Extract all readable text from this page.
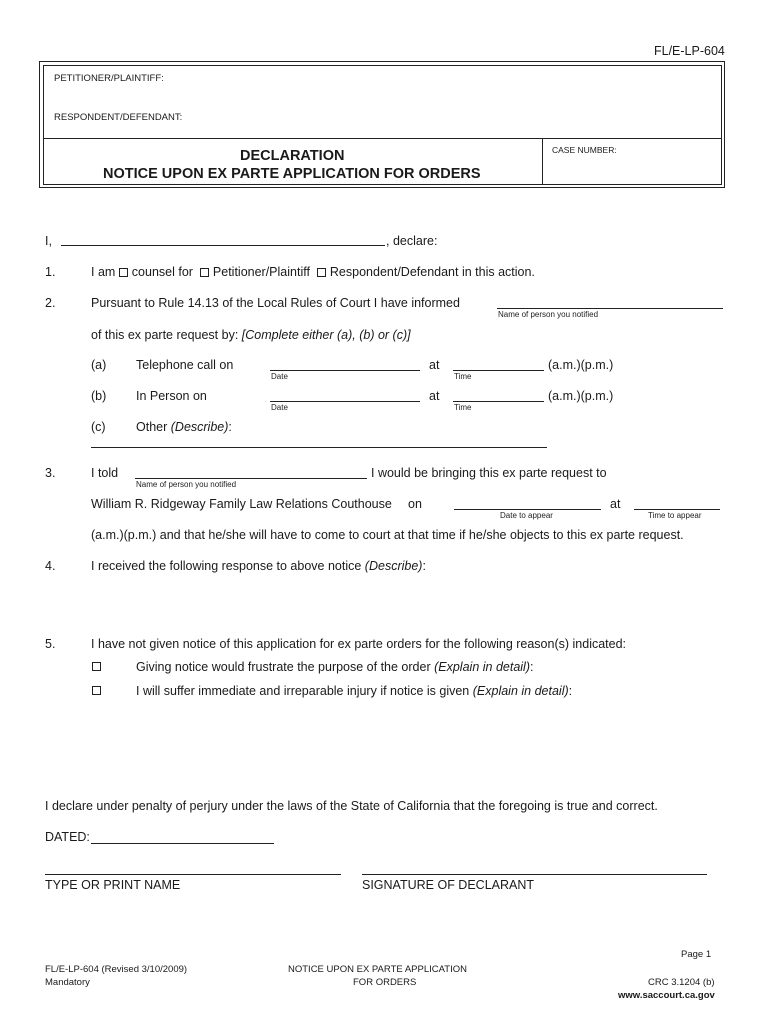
FL/E-LP-604
PETITIONER/PLAINTIFF:
RESPONDENT/DEFENDANT:
CASE NUMBER:
DECLARATION
NOTICE UPON EX PARTE APPLICATION FOR ORDERS
I,	, declare:
1.	I am counsel for Petitioner/Plaintiff Respondent/Defendant in this action.
2.	Pursuant to Rule 14.13 of the Local Rules of Court I have informed
Name of person you notified
of this ex parte request by: [Complete either (a), (b) or (c)]
(a) Telephone call on
Date
at
Time
(a.m.)(p.m.)
(b) In Person on
Date
at
Time
(a.m.)(p.m.)
(c) Other (Describe):
3.	I told
Name of person you notified
I would be bringing this ex parte request to
William R. Ridgeway Family Law Relations Couthouse on
Date to appear
at
Time to appear
(a.m.)(p.m.) and that he/she will have to come to court at that time if he/she objects to this ex parte request.
4.	I received the following response to above notice (Describe):
5.	I have not given notice of this application for ex parte orders for the following reason(s) indicated:
Giving notice would frustrate the purpose of the order (Explain in detail):
I will suffer immediate and irreparable injury if notice is given (Explain in detail):
I declare under penalty of perjury under the laws of the State of California that the foregoing is true and correct.
DATED:
TYPE OR PRINT NAME	SIGNATURE OF DECLARANT
Page 1
FL/E-LP-604 (Revised 3/10/2009)
Mandatory
NOTICE UPON EX PARTE APPLICATION
FOR ORDERS	CRC 3.1204 (b)
www.saccourt.ca.gov
